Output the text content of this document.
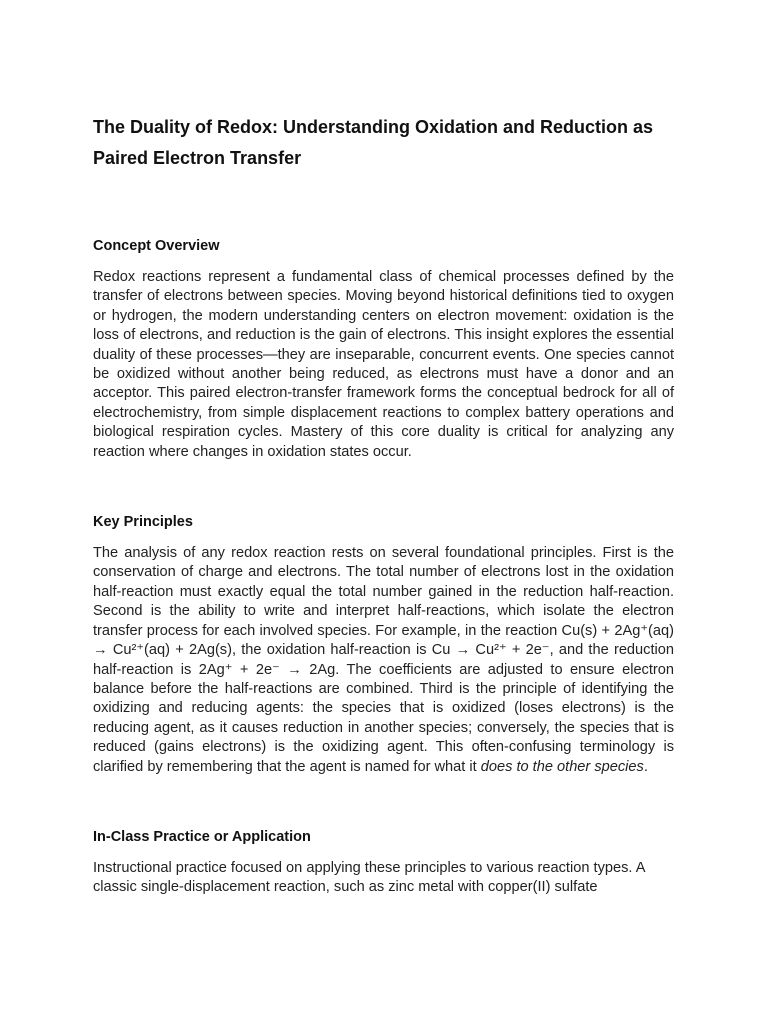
The Duality of Redox: Understanding Oxidation and Reduction as Paired Electron Transfer
Concept Overview

Redox reactions represent a fundamental class of chemical processes defined by the transfer of electrons between species. Moving beyond historical definitions tied to oxygen or hydrogen, the modern understanding centers on electron movement: oxidation is the loss of electrons, and reduction is the gain of electrons. This insight explores the essential duality of these processes—they are inseparable, concurrent events. One species cannot be oxidized without another being reduced, as electrons must have a donor and an acceptor. This paired electron-transfer framework forms the conceptual bedrock for all of electrochemistry, from simple displacement reactions to complex battery operations and biological respiration cycles. Mastery of this core duality is critical for analyzing any reaction where changes in oxidation states occur.

Key Principles

The analysis of any redox reaction rests on several foundational principles. First is the conservation of charge and electrons. The total number of electrons lost in the oxidation half-reaction must exactly equal the total number gained in the reduction half-reaction. Second is the ability to write and interpret half-reactions, which isolate the electron transfer process for each involved species. For example, in the reaction Cu(s) + 2Ag⁺(aq) → Cu²⁺(aq) + 2Ag(s), the oxidation half-reaction is Cu → Cu²⁺ + 2e⁻, and the reduction half-reaction is 2Ag⁺ + 2e⁻ → 2Ag. The coefficients are adjusted to ensure electron balance before the half-reactions are combined. Third is the principle of identifying the oxidizing and reducing agents: the species that is oxidized (loses electrons) is the reducing agent, as it causes reduction in another species; conversely, the species that is reduced (gains electrons) is the oxidizing agent. This often-confusing terminology is clarified by remembering that the agent is named for what it does to the other species.

In-Class Practice or Application

Instructional practice focused on applying these principles to various reaction types. A classic single-displacement reaction, such as zinc metal with copper(II) sulfate
